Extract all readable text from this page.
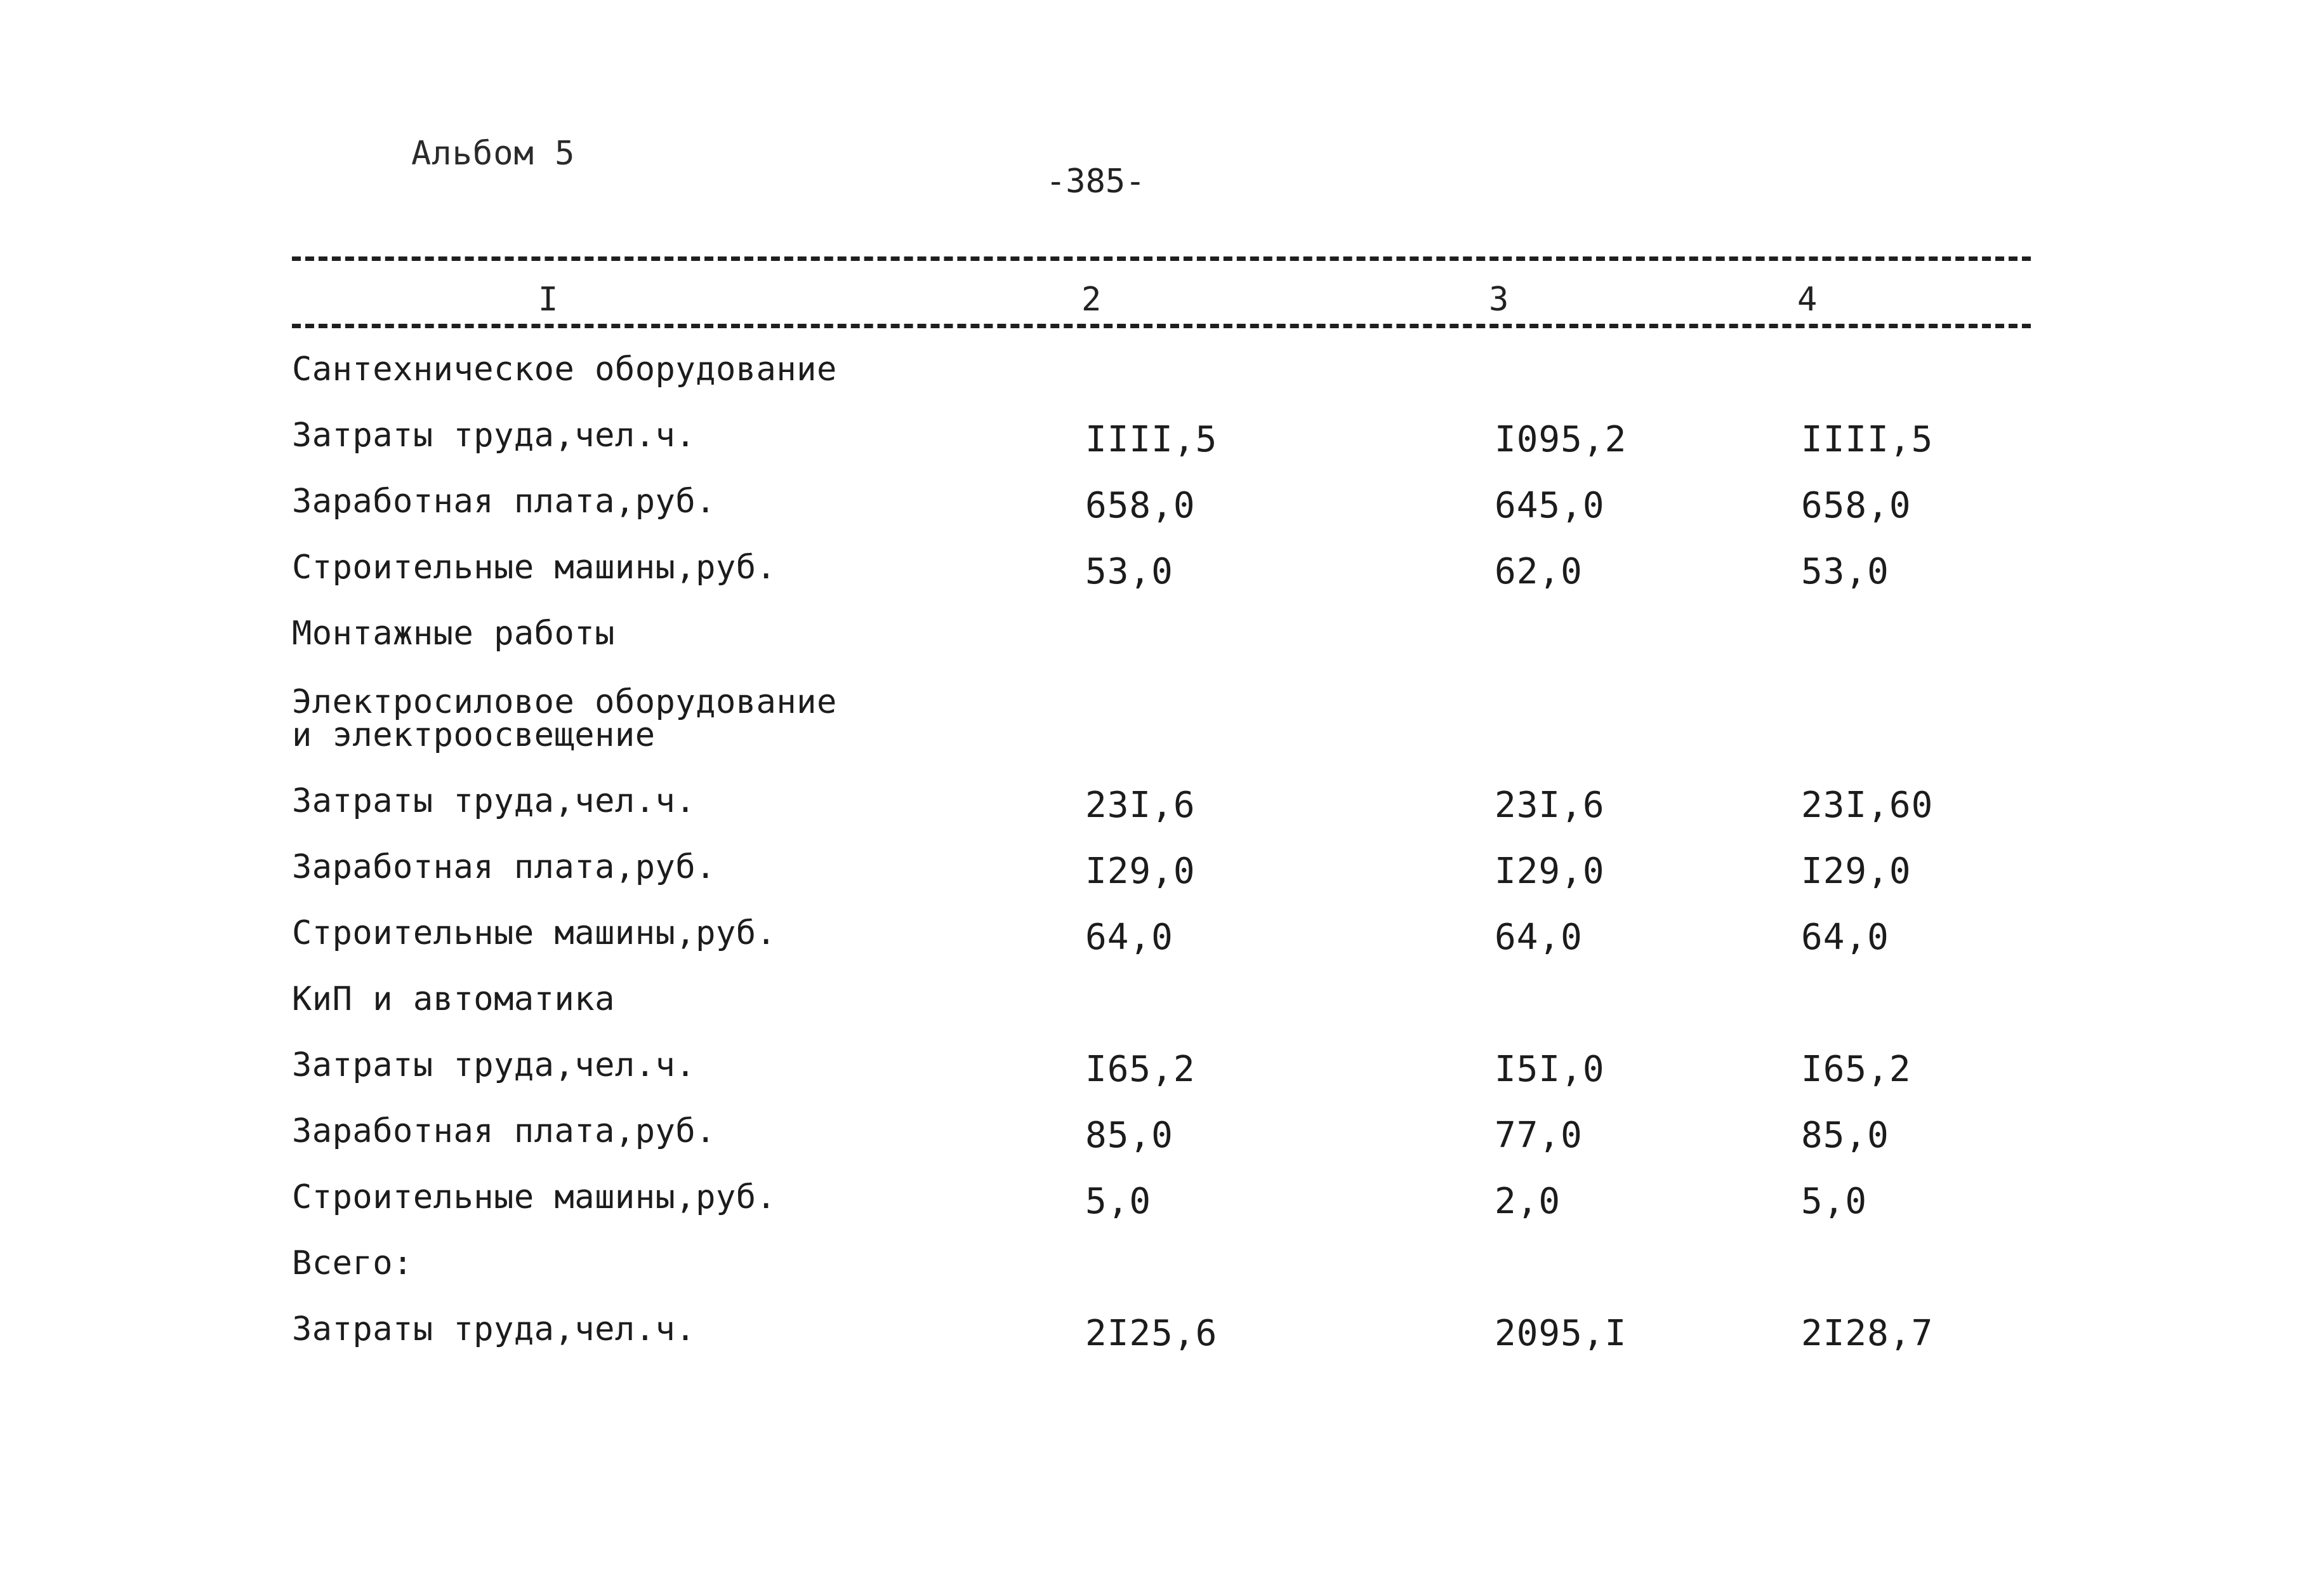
Альбом 5
-385-
I	2	3	4
Сантехническое оборудование
Затраты труда,чел.ч.	IIII,5	I095,2	IIII,5
Заработная плата,руб.	658,0	645,0	658,0
Строительные машины,руб.	53,0	62,0	53,0
Монтажные работы
Электросиловое оборудование
и электроосвещение
Затраты труда,чел.ч.	23I,6	23I,6	23I,60
Заработная плата,руб.	I29,0	I29,0	I29,0
Строительные машины,руб.	64,0	64,0	64,0
КиП и автоматика
Затраты труда,чел.ч.	I65,2	I5I,0	I65,2
Заработная плата,руб.	85,0	77,0	85,0
Строительные машины,руб.	5,0	2,0	5,0
Всего:
Затраты труда,чел.ч.	2I25,6	2095,I	2I28,7
